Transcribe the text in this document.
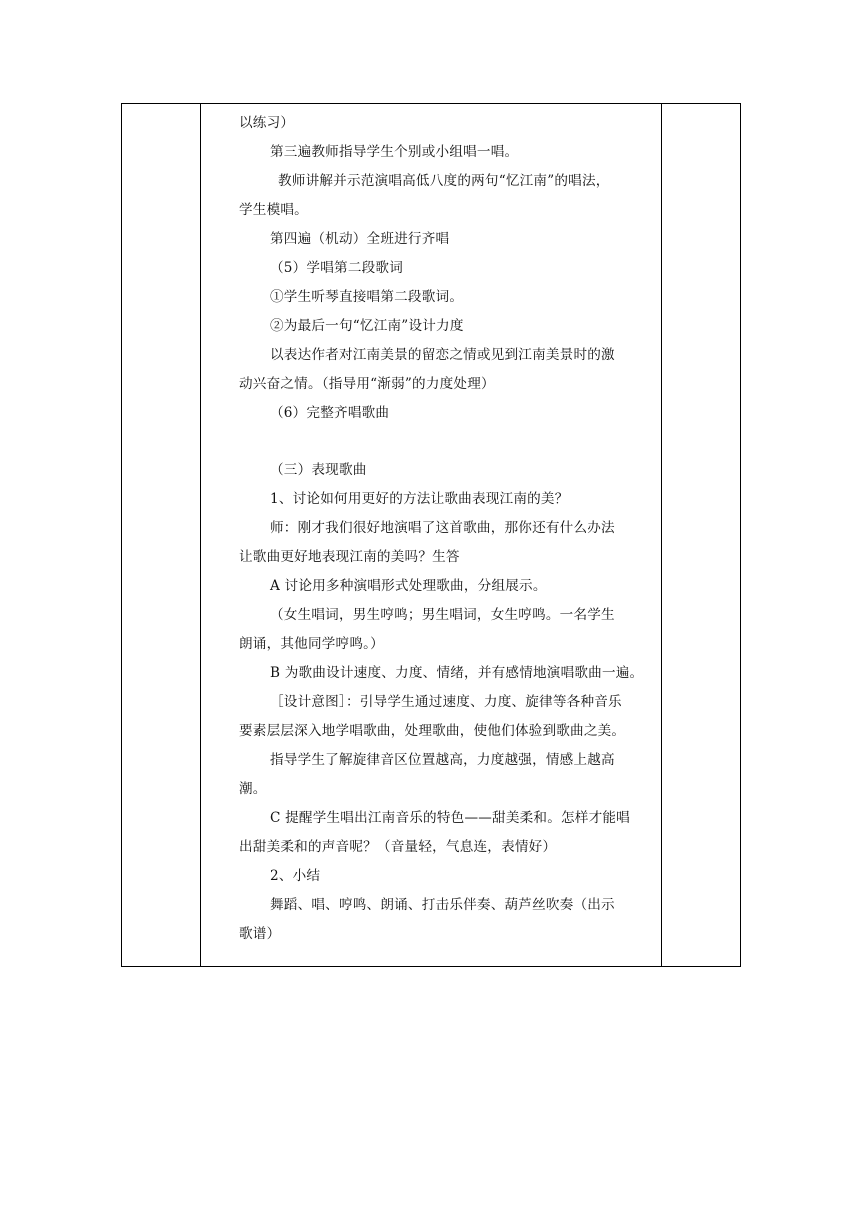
以练习）
第三遍教师指导学生个别或小组唱一唱。
教师讲解并示范演唱高低八度的两句“忆江南”的唱法，
学生模唱。
第四遍（机动）全班进行齐唱
（5）学唱第二段歌词
①学生听琴直接唱第二段歌词。
②为最后一句“忆江南”设计力度
以表达作者对江南美景的留恋之情或见到江南美景时的激
动兴奋之情。（指导用“渐弱”的力度处理）
（6）完整齐唱歌曲
（三）表现歌曲
1、讨论如何用更好的方法让歌曲表现江南的美？
师：刚才我们很好地演唱了这首歌曲，那你还有什么办法
让歌曲更好地表现江南的美吗？生答
A 讨论用多种演唱形式处理歌曲，分组展示。
（女生唱词，男生哼鸣；男生唱词，女生哼鸣。一名学生
朗诵，其他同学哼鸣。）
B 为歌曲设计速度、力度、情绪，并有感情地演唱歌曲一遍。
［设计意图］：引导学生通过速度、力度、旋律等各种音乐
要素层层深入地学唱歌曲，处理歌曲，使他们体验到歌曲之美。
指导学生了解旋律音区位置越高，力度越强，情感上越高
潮。
C 提醒学生唱出江南音乐的特色——甜美柔和。怎样才能唱
出甜美柔和的声音呢？（音量轻，气息连，表情好）
2、小结
舞蹈、唱、哼鸣、朗诵、打击乐伴奏、葫芦丝吹奏（出示
歌谱）
